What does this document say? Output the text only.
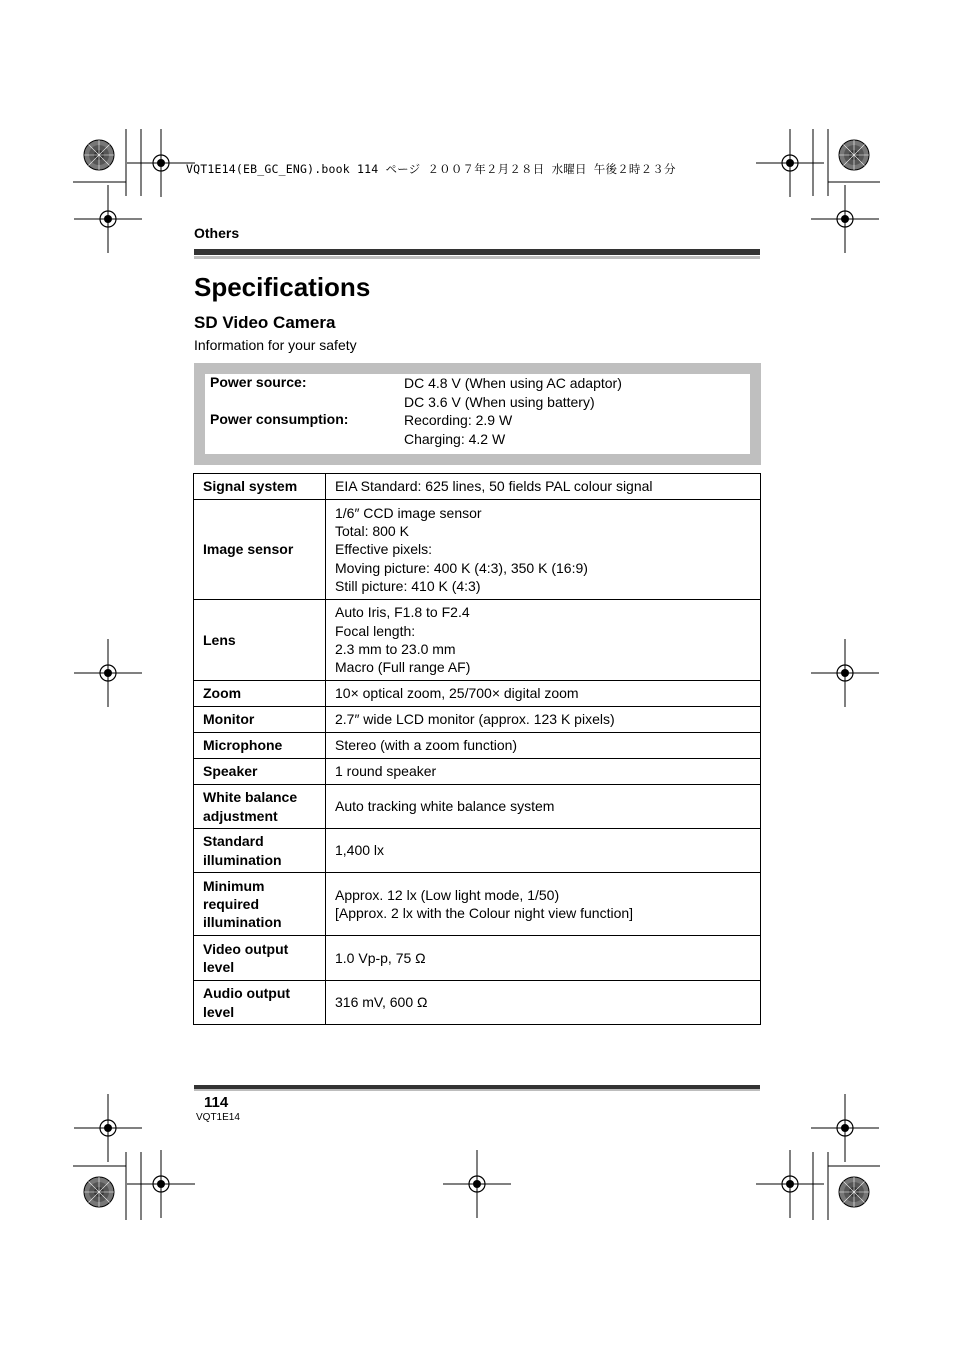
VQT1E14(EB_GC_ENG).book 114 ページ ２００７年２月２８日 水曜日 午後２時２３分
Others
Specifications
SD Video Camera
Information for your safety
Power source:	DC 4.8 V (When using AC adaptor)
DC 3.6 V (When using battery)
Power consumption:	Recording: 2.9 W
Charging: 4.2 W
Signal system	EIA Standard: 625 lines, 50 fields PAL colour signal
Image sensor	1/6″ CCD image sensor
Total: 800 K
Effective pixels:
Moving picture: 400 K (4:3), 350 K (16:9)
Still picture: 410 K (4:3)
Lens	Auto Iris, F1.8 to F2.4
Focal length:
2.3 mm to 23.0 mm
Macro (Full range AF)
Zoom	10× optical zoom, 25/700× digital zoom
Monitor	2.7″ wide LCD monitor (approx. 123 K pixels)
Microphone	Stereo (with a zoom function)
Speaker	1 round speaker
White balance adjustment	Auto tracking white balance system
Standard illumination	1,400 lx
Minimum required illumination	Approx. 12 lx (Low light mode, 1/50)
[Approx. 2 lx with the Colour night view function]
Video output level	1.0 Vp-p, 75 Ω
Audio output level	316 mV, 600 Ω
114
VQT1E14
